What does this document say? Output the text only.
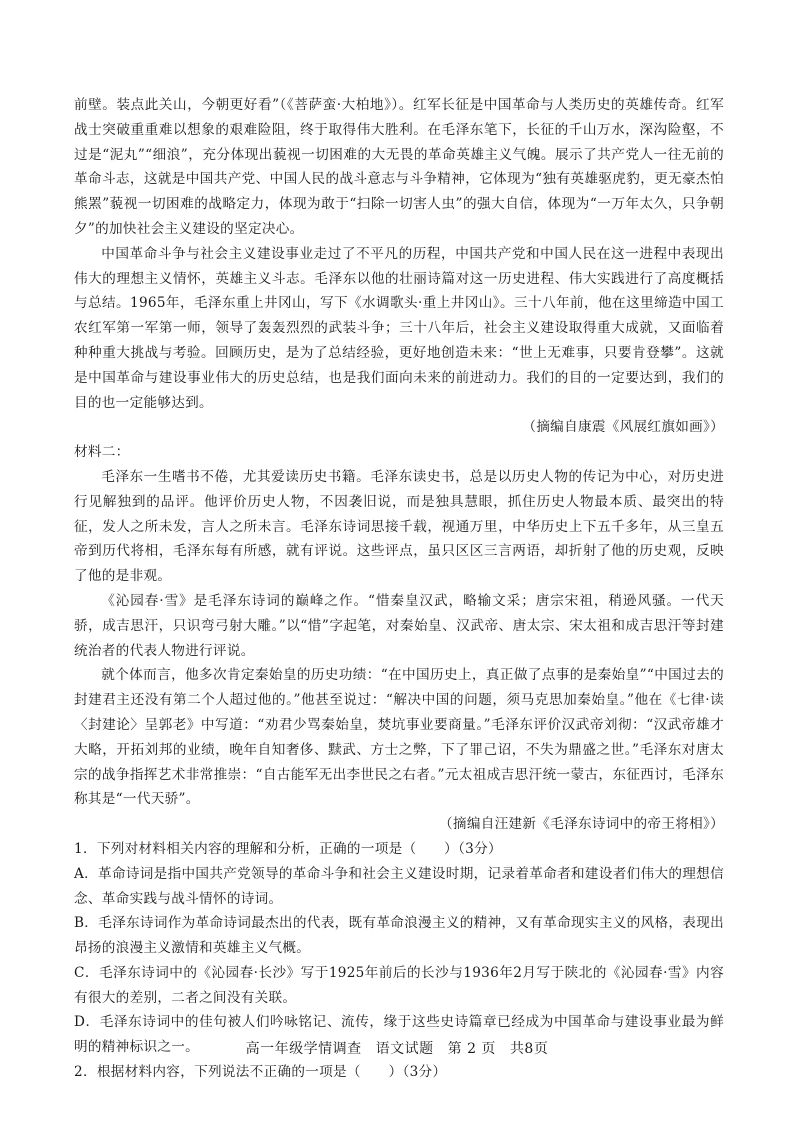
前壁。装点此关山，今朝更好看”（《菩萨蛮·大柏地》）。红军长征是中国革命与人类历史的英雄传奇。红军战士突破重重难以想象的艰难险阻，终于取得伟大胜利。在毛泽东笔下，长征的千山万水，深沟险壑，不过是“泥丸”“细浪”，充分体现出藐视一切困难的大无畏的革命英雄主义气魄。展示了共产党人一往无前的革命斗志，这就是中国共产党、中国人民的战斗意志与斗争精神，它体现为“独有英雄驱虎豹，更无豪杰怕熊罴”藐视一切困难的战略定力，体现为敢于“扫除一切害人虫”的强大自信，体现为“一万年太久，只争朝夕”的加快社会主义建设的坚定决心。

中国革命斗争与社会主义建设事业走过了不平凡的历程，中国共产党和中国人民在这一进程中表现出伟大的理想主义情怀，英雄主义斗志。毛泽东以他的壮丽诗篇对这一历史进程、伟大实践进行了高度概括与总结。1965年，毛泽东重上井冈山，写下《水调歌头·重上井冈山》。三十八年前，他在这里缔造中国工农红军第一军第一师，领导了轰轰烈烈的武装斗争；三十八年后，社会主义建设取得重大成就，又面临着种种重大挑战与考验。回顾历史，是为了总结经验，更好地创造未来：“世上无难事，只要肯登攀”。这就是中国革命与建设事业伟大的历史总结，也是我们面向未来的前进动力。我们的目的一定要达到，我们的目的也一定能够达到。

（摘编自康震《风展红旗如画》）

材料二：

毛泽东一生嗜书不倦，尤其爱读历史书籍。毛泽东读史书，总是以历史人物的传记为中心，对历史进行见解独到的品评。他评价历史人物，不因袭旧说，而是独具慧眼，抓住历史人物最本质、最突出的特征，发人之所未发，言人之所未言。毛泽东诗词思接千载，视通万里，中华历史上下五千多年，从三皇五帝到历代将相，毛泽东每有所感，就有评说。这些评点，虽只区区三言两语，却折射了他的历史观，反映了他的是非观。

《沁园春·雪》是毛泽东诗词的巅峰之作。“惜秦皇汉武，略输文采；唐宗宋祖，稍逊风骚。一代天骄，成吉思汗，只识弯弓射大雕。”以“惜”字起笔，对秦始皇、汉武帝、唐太宗、宋太祖和成吉思汗等封建统治者的代表人物进行评说。

就个体而言，他多次肯定秦始皇的历史功绩：“在中国历史上，真正做了点事的是秦始皇”“中国过去的封建君主还没有第二个人超过他的。”他甚至说过：“解决中国的问题，须马克思加秦始皇。”他在《七律·读〈封建论〉呈郭老》中写道：“劝君少骂秦始皇，焚坑事业要商量。”毛泽东评价汉武帝刘彻：“汉武帝雄才大略，开拓刘邦的业绩，晚年自知奢侈、黩武、方士之弊，下了罪己诏，不失为鼎盛之世。”毛泽东对唐太宗的战争指挥艺术非常推崇：“自古能军无出李世民之右者。”元太祖成吉思汗统一蒙古，东征西讨，毛泽东称其是“一代天骄”。

（摘编自汪建新《毛泽东诗词中的帝王将相》）

1．下列对材料相关内容的理解和分析，正确的一项是（　　）（3分）

A．革命诗词是指中国共产党领导的革命斗争和社会主义建设时期，记录着革命者和建设者们伟大的理想信念、革命实践与战斗情怀的诗词。

B．毛泽东诗词作为革命诗词最杰出的代表，既有革命浪漫主义的精神，又有革命现实主义的风格，表现出昂扬的浪漫主义激情和英雄主义气概。

C．毛泽东诗词中的《沁园春·长沙》写于1925年前后的长沙与1936年2月写于陕北的《沁园春·雪》内容有很大的差别，二者之间没有关联。

D．毛泽东诗词中的佳句被人们吟咏铭记、流传，缘于这些史诗篇章已经成为中国革命与建设事业最为鲜明的精神标识之一。

2．根据材料内容，下列说法不正确的一项是（　　）（3分）

高一年级学情调查 语文试题 第 2 页 共8页
